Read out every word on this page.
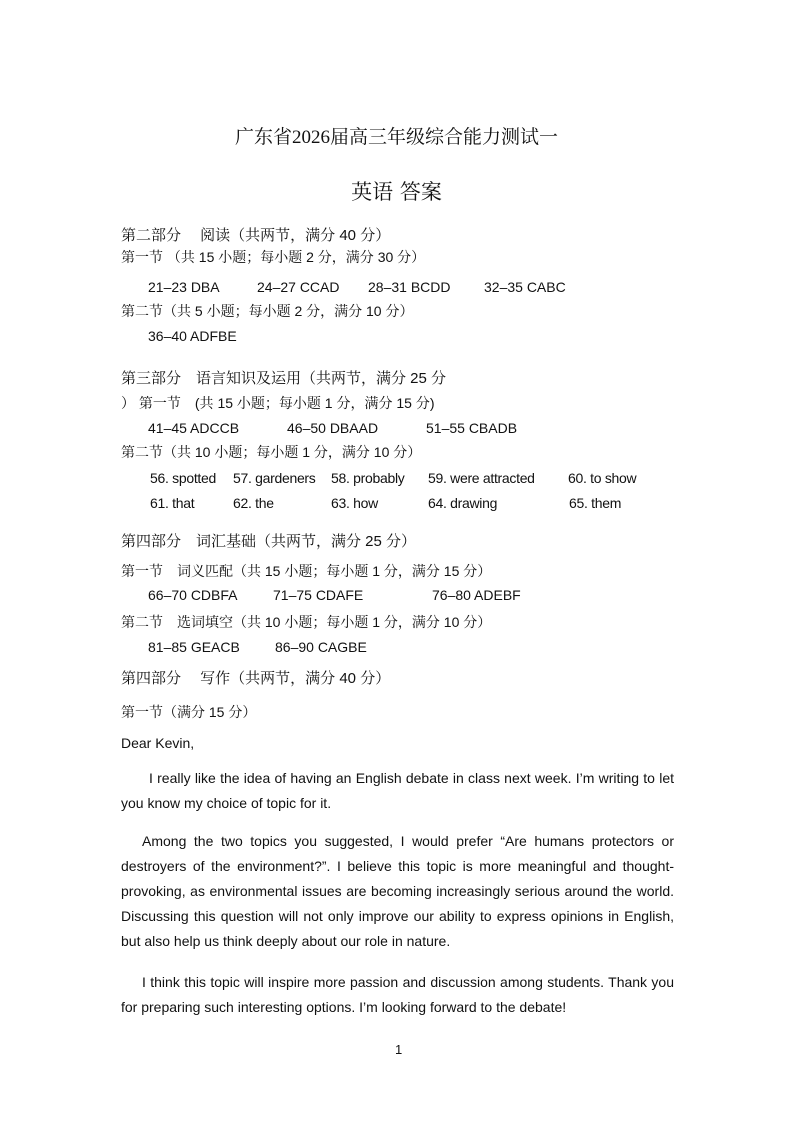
广东省2026届高三年级综合能力测试一
英语 答案
第二部分　 阅读（共两节，满分 40 分）
第一节 （共 15 小题；每小题 2 分，满分 30 分）
21–23 DBA	24–27 CCAD 28–31 BCDD 32–35 CABC
第二节（共 5 小题；每小题 2 分，满分 10 分）
36–40 ADFBE
第三部分　语言知识及运用（共两节，满分 25 分
） 第一节　(共 15 小题；每小题 1 分，满分 15 分)
41–45 ADCCB	46–50 DBAAD	51–55 CBADB
第二节（共 10 小题；每小题 1 分，满分 10 分）
56. spotted 57. gardeners 58. probably 59. were attracted 60. to show
61. that	62. the	63. how	64. drawing	65. them
第四部分　词汇基础（共两节，满分 25 分）
第一节　词义匹配（共 15 小题；每小题 1 分，满分 15 分）
66–70 CDBFA	71–75 CDAFE	76–80 ADEBF
第二节　选词填空（共 10 小题；每小题 1 分，满分 10 分）
81–85 GEACB	86–90 CAGBE
第四部分　 写作（共两节，满分 40 分）
第一节（满分 15 分）
Dear Kevin,
I really like the idea of having an English debate in class next week. I’m writing to let you know my choice of topic for it.
Among the two topics you suggested, I would prefer “Are humans protectors or destroyers of the environment?”. I believe this topic is more meaningful and thought-provoking, as environmental issues are becoming increasingly serious around the world. Discussing this question will not only improve our ability to express opinions in English, but also help us think deeply about our role in nature.
I think this topic will inspire more passion and discussion among students. Thank you for preparing such interesting options. I’m looking forward to the debate!
1
